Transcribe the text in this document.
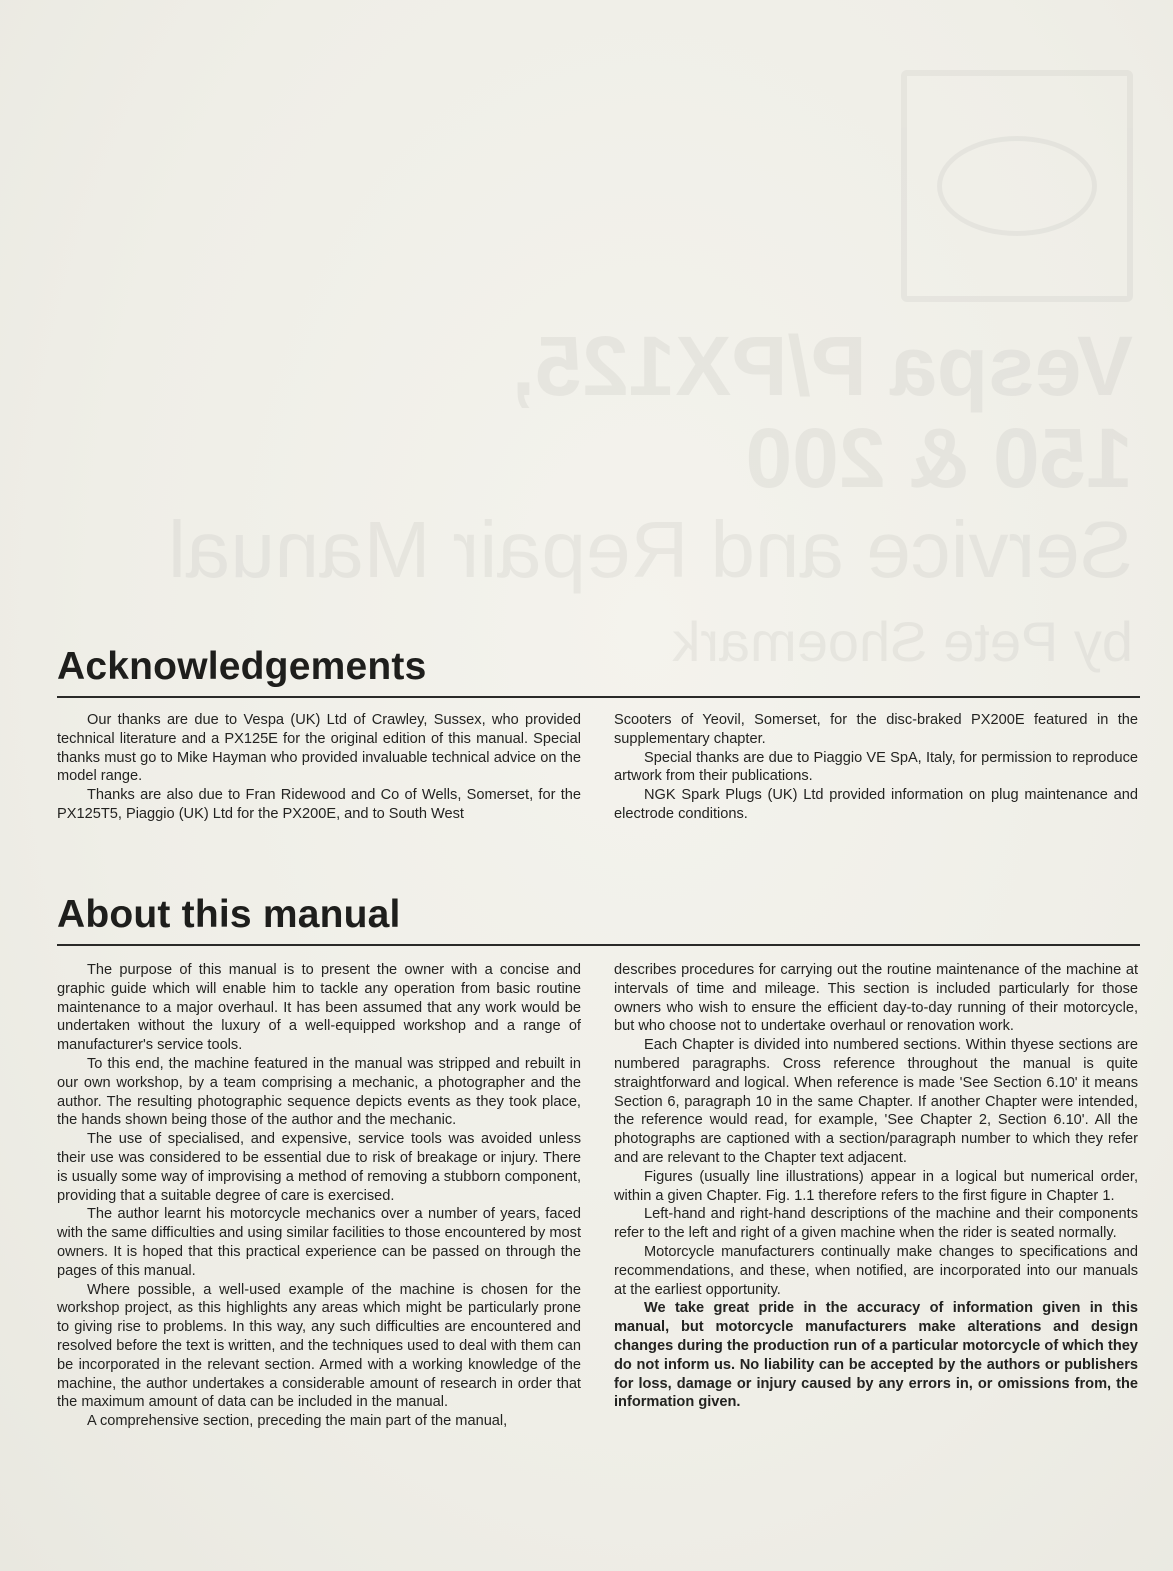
Vespa P/PX125,
150 & 200
Service and Repair Manual
by Pete Shoemark
Acknowledgements

Our thanks are due to Vespa (UK) Ltd of Crawley, Sussex, who provided technical literature and a PX125E for the original edition of this manual. Special thanks must go to Mike Hayman who provided invaluable technical advice on the model range.

Thanks are also due to Fran Ridewood and Co of Wells, Somerset, for the PX125T5, Piaggio (UK) Ltd for the PX200E, and to South West

Scooters of Yeovil, Somerset, for the disc-braked PX200E featured in the supplementary chapter.

Special thanks are due to Piaggio VE SpA, Italy, for permission to reproduce artwork from their publications.

NGK Spark Plugs (UK) Ltd provided information on plug maintenance and electrode conditions.

About this manual

The purpose of this manual is to present the owner with a concise and graphic guide which will enable him to tackle any operation from basic routine maintenance to a major overhaul. It has been assumed that any work would be undertaken without the luxury of a well-equipped workshop and a range of manufacturer's service tools.

To this end, the machine featured in the manual was stripped and rebuilt in our own workshop, by a team comprising a mechanic, a photographer and the author. The resulting photographic sequence depicts events as they took place, the hands shown being those of the author and the mechanic.

The use of specialised, and expensive, service tools was avoided unless their use was considered to be essential due to risk of breakage or injury. There is usually some way of improvising a method of removing a stubborn component, providing that a suitable degree of care is exercised.

The author learnt his motorcycle mechanics over a number of years, faced with the same difficulties and using similar facilities to those encountered by most owners. It is hoped that this practical experience can be passed on through the pages of this manual.

Where possible, a well-used example of the machine is chosen for the workshop project, as this highlights any areas which might be particularly prone to giving rise to problems. In this way, any such difficulties are encountered and resolved before the text is written, and the techniques used to deal with them can be incorporated in the relevant section. Armed with a working knowledge of the machine, the author undertakes a considerable amount of research in order that the maximum amount of data can be included in the manual.

A comprehensive section, preceding the main part of the manual,

describes procedures for carrying out the routine maintenance of the machine at intervals of time and mileage. This section is included particularly for those owners who wish to ensure the efficient day-to-day running of their motorcycle, but who choose not to undertake overhaul or renovation work.

Each Chapter is divided into numbered sections. Within thyese sections are numbered paragraphs. Cross reference throughout the manual is quite straightforward and logical. When reference is made 'See Section 6.10' it means Section 6, paragraph 10 in the same Chapter. If another Chapter were intended, the reference would read, for example, 'See Chapter 2, Section 6.10'. All the photographs are captioned with a section/paragraph number to which they refer and are relevant to the Chapter text adjacent.

Figures (usually line illustrations) appear in a logical but numerical order, within a given Chapter. Fig. 1.1 therefore refers to the first figure in Chapter 1.

Left-hand and right-hand descriptions of the machine and their components refer to the left and right of a given machine when the rider is seated normally.

Motorcycle manufacturers continually make changes to specifications and recommendations, and these, when notified, are incorporated into our manuals at the earliest opportunity.

We take great pride in the accuracy of information given in this manual, but motorcycle manufacturers make alterations and design changes during the production run of a particular motorcycle of which they do not inform us. No liability can be accepted by the authors or publishers for loss, damage or injury caused by any errors in, or omissions from, the information given.
